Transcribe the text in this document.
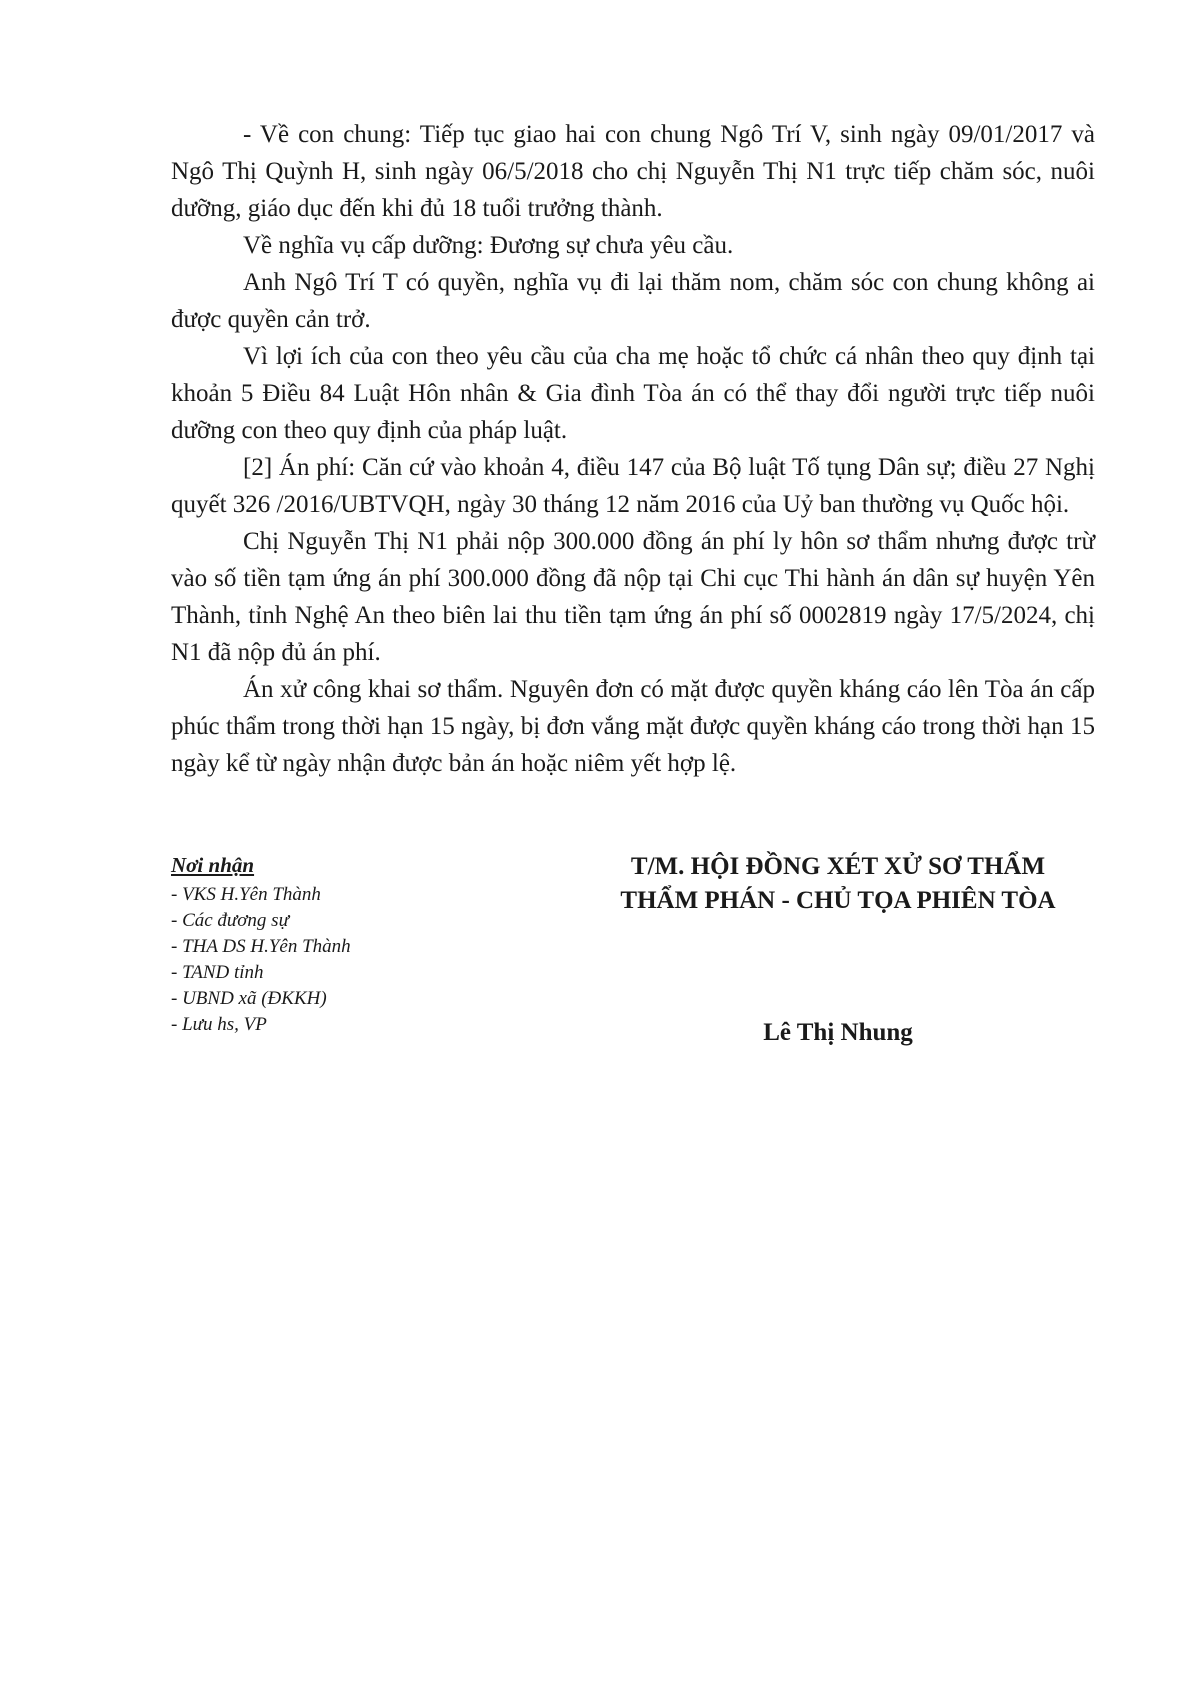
- Về con chung: Tiếp tục giao hai con chung Ngô Trí V, sinh ngày 09/01/2017 và Ngô Thị Quỳnh H, sinh ngày 06/5/2018 cho chị Nguyễn Thị N1 trực tiếp chăm sóc, nuôi dưỡng, giáo dục đến khi đủ 18 tuổi trưởng thành.

Về nghĩa vụ cấp dưỡng: Đương sự chưa yêu cầu.

Anh Ngô Trí T có quyền, nghĩa vụ đi lại thăm nom, chăm sóc con chung không ai được quyền cản trở.

Vì lợi ích của con theo yêu cầu của cha mẹ hoặc tổ chức cá nhân theo quy định tại khoản 5 Điều 84 Luật Hôn nhân & Gia đình Tòa án có thể thay đổi người trực tiếp nuôi dưỡng con theo quy định của pháp luật.

[2] Án phí: Căn cứ vào khoản 4, điều 147 của Bộ luật Tố tụng Dân sự; điều 27 Nghị quyết 326 /2016/UBTVQH, ngày 30 tháng 12 năm 2016 của Uỷ ban thường vụ Quốc hội.

Chị Nguyễn Thị N1 phải nộp 300.000 đồng án phí ly hôn sơ thẩm nhưng được trừ vào số tiền tạm ứng án phí 300.000 đồng đã nộp tại Chi cục Thi hành án dân sự huyện Yên Thành, tỉnh Nghệ An theo biên lai thu tiền tạm ứng án phí số 0002819 ngày 17/5/2024, chị N1 đã nộp đủ án phí.

Án xử công khai sơ thẩm. Nguyên đơn có mặt được quyền kháng cáo lên Tòa án cấp phúc thẩm trong thời hạn 15 ngày, bị đơn vắng mặt được quyền kháng cáo trong thời hạn 15 ngày kể từ ngày nhận được bản án hoặc niêm yết hợp lệ.

Nơi nhận
- VKS H.Yên Thành
- Các đương sự
- THA DS H.Yên Thành
- TAND tỉnh
- UBND xã (ĐKKH)
- Lưu hs, VP
T/M. HỘI ĐỒNG XÉT XỬ SƠ THẨM
THẨM PHÁN - CHỦ TỌA PHIÊN TÒA
Lê Thị Nhung
